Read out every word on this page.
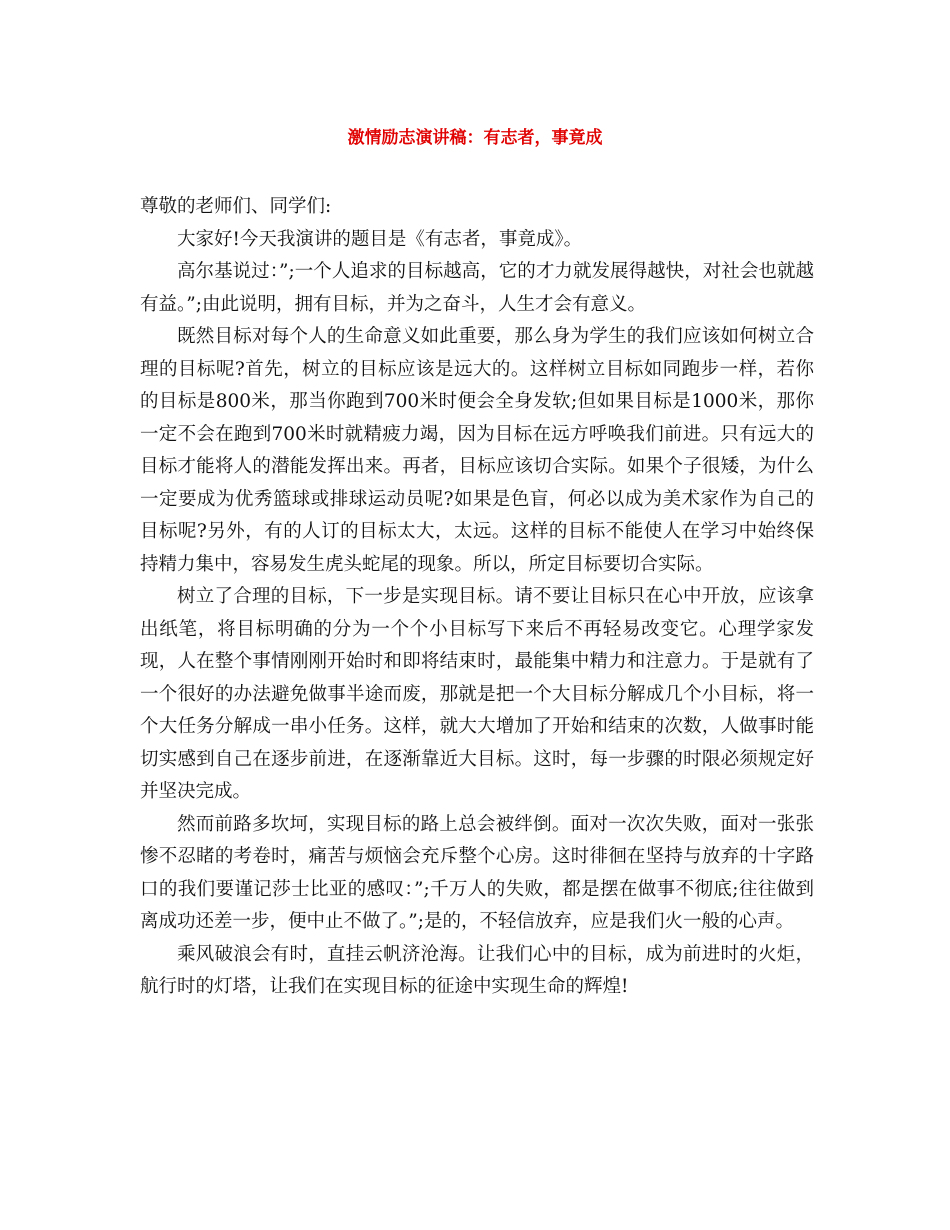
激情励志演讲稿：有志者，事竟成

尊敬的老师们、同学们:

大家好!今天我演讲的题目是《有志者，事竟成》。

高尔基说过：”;一个人追求的目标越高，它的才力就发展得越快，对社会也就越有益。”;由此说明，拥有目标，并为之奋斗，人生才会有意义。

既然目标对每个人的生命意义如此重要，那么身为学生的我们应该如何树立合理的目标呢?首先，树立的目标应该是远大的。这样树立目标如同跑步一样，若你的目标是800米，那当你跑到700米时便会全身发软;但如果目标是1000米，那你一定不会在跑到700米时就精疲力竭，因为目标在远方呼唤我们前进。只有远大的目标才能将人的潜能发挥出来。再者，目标应该切合实际。如果个子很矮，为什么一定要成为优秀篮球或排球运动员呢?如果是色盲，何必以成为美术家作为自己的目标呢?另外，有的人订的目标太大，太远。这样的目标不能使人在学习中始终保持精力集中，容易发生虎头蛇尾的现象。所以，所定目标要切合实际。

树立了合理的目标，下一步是实现目标。请不要让目标只在心中开放，应该拿出纸笔，将目标明确的分为一个个小目标写下来后不再轻易改变它。心理学家发现，人在整个事情刚刚开始时和即将结束时，最能集中精力和注意力。于是就有了一个很好的办法避免做事半途而废，那就是把一个大目标分解成几个小目标，将一个大任务分解成一串小任务。这样，就大大增加了开始和结束的次数，人做事时能切实感到自己在逐步前进，在逐渐靠近大目标。这时，每一步骤的时限必须规定好并坚决完成。

然而前路多坎坷，实现目标的路上总会被绊倒。面对一次次失败，面对一张张惨不忍睹的考卷时，痛苦与烦恼会充斥整个心房。这时徘徊在坚持与放弃的十字路口的我们要谨记莎士比亚的感叹：”;千万人的失败，都是摆在做事不彻底;往往做到离成功还差一步，便中止不做了。”;是的，不轻信放弃，应是我们火一般的心声。

乘风破浪会有时，直挂云帆济沧海。让我们心中的目标，成为前进时的火炬，航行时的灯塔，让我们在实现目标的征途中实现生命的辉煌!
